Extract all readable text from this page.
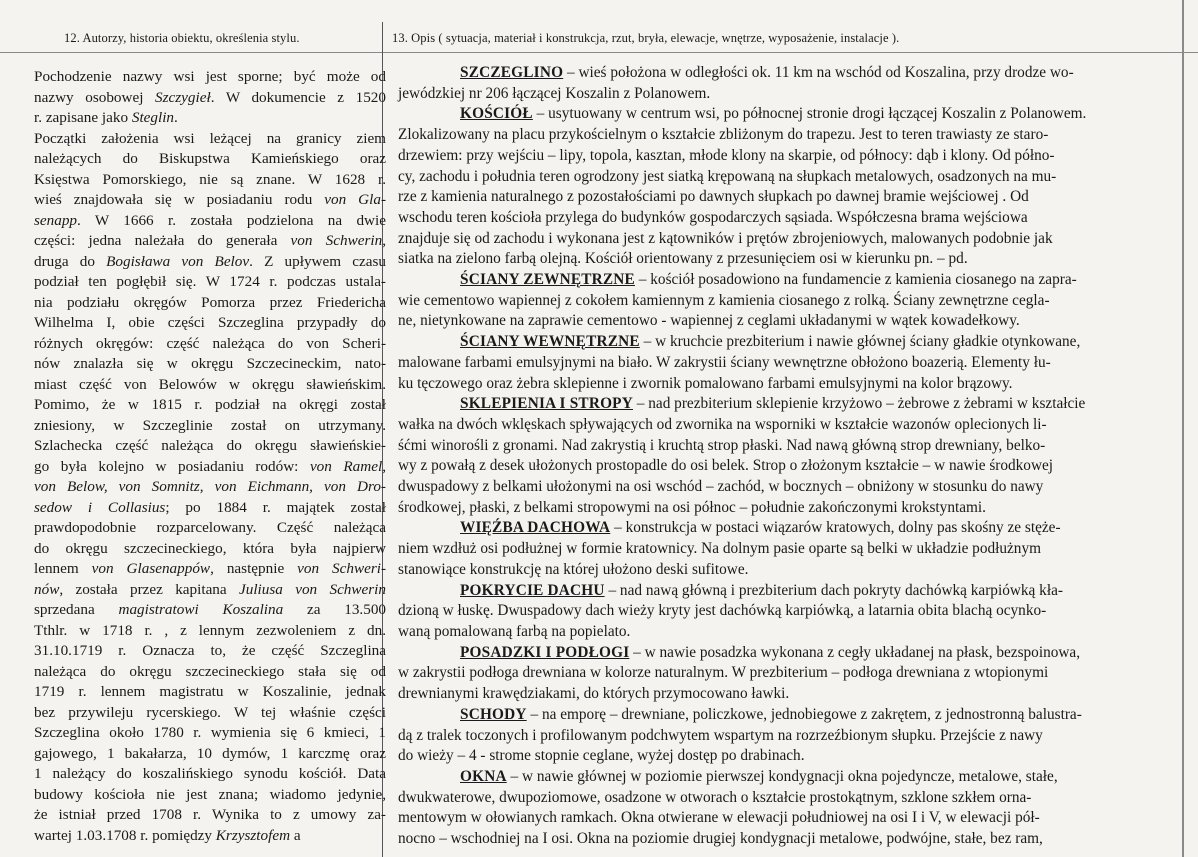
12. Autorzy, historia obiektu, określenia stylu.	13. Opis ( sytuacja, materiał i konstrukcja, rzut, bryła, elewacje, wnętrze, wyposażenie, instalacje ).

Pochodzenie nazwy wsi jest sporne; być może od

nazwy osobowej Szczygieł. W dokumencie z 1520

r. zapisane jako Steglin.

Początki założenia wsi leżącej na granicy ziem

należących do Biskupstwa Kamieńskiego oraz

Księstwa Pomorskiego, nie są znane. W 1628 r.

wieś znajdowała się w posiadaniu rodu von Gla-

senapp. W 1666 r. została podzielona na dwie

części: jedna należała do generała von Schwerin,

druga do Bogisława von Belov. Z upływem czasu

podział ten pogłębił się. W 1724 r. podczas ustala-

nia podziału okręgów Pomorza przez Friedericha

Wilhelma I, obie części Szczeglina przypadły do

różnych okręgów: część należąca do von Scheri-

nów znalazła się w okręgu Szczecineckim, nato-

miast część von Belowów w okręgu sławieńskim.

Pomimo, że w 1815 r. podział na okręgi został

zniesiony, w Szczeglinie został on utrzymany.

Szlachecka część należąca do okręgu sławieńskie-

go była kolejno w posiadaniu rodów: von Ramel,

von Below, von Somnitz, von Eichmann, von Dro-

sedow i Collasius; po 1884 r. majątek został

prawdopodobnie rozparcelowany. Część należąca

do okręgu szczecineckiego, która była najpierw

lennem von Glasenappów, następnie von Schweri-

nów, została przez kapitana Juliusa von Schwerin

sprzedana magistratowi Koszalina za 13.500

Tthlr. w 1718 r. , z lennym zezwoleniem z dn.

31.10.1719 r. Oznacza to, że część Szczeglina

należąca do okręgu szczecineckiego stała się od

1719 r. lennem magistratu w Koszalinie, jednak

bez przywileju rycerskiego. W tej właśnie części

Szczeglina około 1780 r. wymienia się 6 kmieci, 1

gajowego, 1 bakałarza, 10 dymów, 1 karczmę oraz

1 należący do koszalińskiego synodu kościół. Data

budowy kościoła nie jest znana; wiadomo jedynie,

że istniał przed 1708 r. Wynika to z umowy za-

wartej 1.03.1708 r. pomiędzy Krzysztofem a

SZCZEGLINO – wieś położona w odległości ok. 11 km na wschód od Koszalina, przy drodze wo-

jewódzkiej nr 206 łączącej Koszalin z Polanowem.

KOŚCIÓŁ – usytuowany w centrum wsi, po północnej stronie drogi łączącej Koszalin z Polanowem.

Zlokalizowany na placu przykościelnym o kształcie zbliżonym do trapezu. Jest to teren trawiasty ze staro-

drzewiem: przy wejściu – lipy, topola, kasztan, młode klony na skarpie, od północy: dąb i klony. Od półno-

cy, zachodu i południa teren ogrodzony jest siatką krępowaną na słupkach metalowych, osadzonych na mu-

rze z kamienia naturalnego z pozostałościami po dawnych słupkach po dawnej bramie wejściowej . Od

wschodu teren kościoła przylega do budynków gospodarczych sąsiada. Współczesna brama wejściowa

znajduje się od zachodu i wykonana jest z kątowników i prętów zbrojeniowych, malowanych podobnie jak

siatka na zielono farbą olejną. Kościół orientowany z przesunięciem osi w kierunku pn. – pd.

ŚCIANY ZEWNĘTRZNE – kościół posadowiono na fundamencie z kamienia ciosanego na zapra-

wie cementowo wapiennej z cokołem kamiennym z kamienia ciosanego z rolką. Ściany zewnętrzne cegla-

ne, nietynkowane na zaprawie cementowo - wapiennej z ceglami układanymi w wątek kowadełkowy.

ŚCIANY WEWNĘTRZNE – w kruchcie prezbiterium i nawie głównej ściany gładkie otynkowane,

malowane farbami emulsyjnymi na biało. W zakrystii ściany wewnętrzne obłożono boazerią. Elementy łu-

ku tęczowego oraz żebra sklepienne i zwornik pomalowano farbami emulsyjnymi na kolor brązowy.

SKLEPIENIA I STROPY – nad prezbiterium sklepienie krzyżowo – żebrowe z żebrami w kształcie

wałka na dwóch wklęskach spływających od zwornika na wsporniki w kształcie wazonów oplecionych li-

śćmi winorośli z gronami. Nad zakrystią i kruchtą strop płaski. Nad nawą główną strop drewniany, belko-

wy z powałą z desek ułożonych prostopadle do osi belek. Strop o złożonym kształcie – w nawie środkowej

dwuspadowy z belkami ułożonymi na osi wschód – zachód, w bocznych – obniżony w stosunku do nawy

środkowej, płaski, z belkami stropowymi na osi północ – południe zakończonymi krokstyntami.

WIĘŹBA DACHOWA – konstrukcja w postaci wiązarów kratowych, dolny pas skośny ze stęże-

niem wzdłuż osi podłużnej w formie kratownicy. Na dolnym pasie oparte są belki w układzie podłużnym

stanowiące konstrukcję na której ułożono deski sufitowe.

POKRYCIE DACHU – nad nawą główną i prezbiterium dach pokryty dachówką karpiówką kła-

dzioną w łuskę. Dwuspadowy dach wieży kryty jest dachówką karpiówką, a latarnia obita blachą ocynko-

waną pomalowaną farbą na popielato.

POSADZKI I PODŁOGI – w nawie posadzka wykonana z cegły układanej na płask, bezspoinowa,

w zakrystii podłoga drewniana w kolorze naturalnym. W prezbiterium – podłoga drewniana z wtopionymi

drewnianymi krawędziakami, do których przymocowano ławki.

SCHODY – na emporę – drewniane, policzkowe, jednobiegowe z zakrętem, z jednostronną balustra-

dą z tralek toczonych i profilowanym podchwytem wspartym na rozrzeźbionym słupku. Przejście z nawy

do wieży – 4 - strome stopnie ceglane, wyżej dostęp po drabinach.

OKNA – w nawie głównej w poziomie pierwszej kondygnacji okna pojedyncze, metalowe, stałe,

dwukwaterowe, dwupoziomowe, osadzone w otworach o kształcie prostokątnym, szklone szkłem orna-

mentowym w ołowianych ramkach. Okna otwierane w elewacji południowej na osi I i V, w elewacji pół-

nocno – wschodniej na I osi. Okna na poziomie drugiej kondygnacji metalowe, podwójne, stałe, bez ram,
